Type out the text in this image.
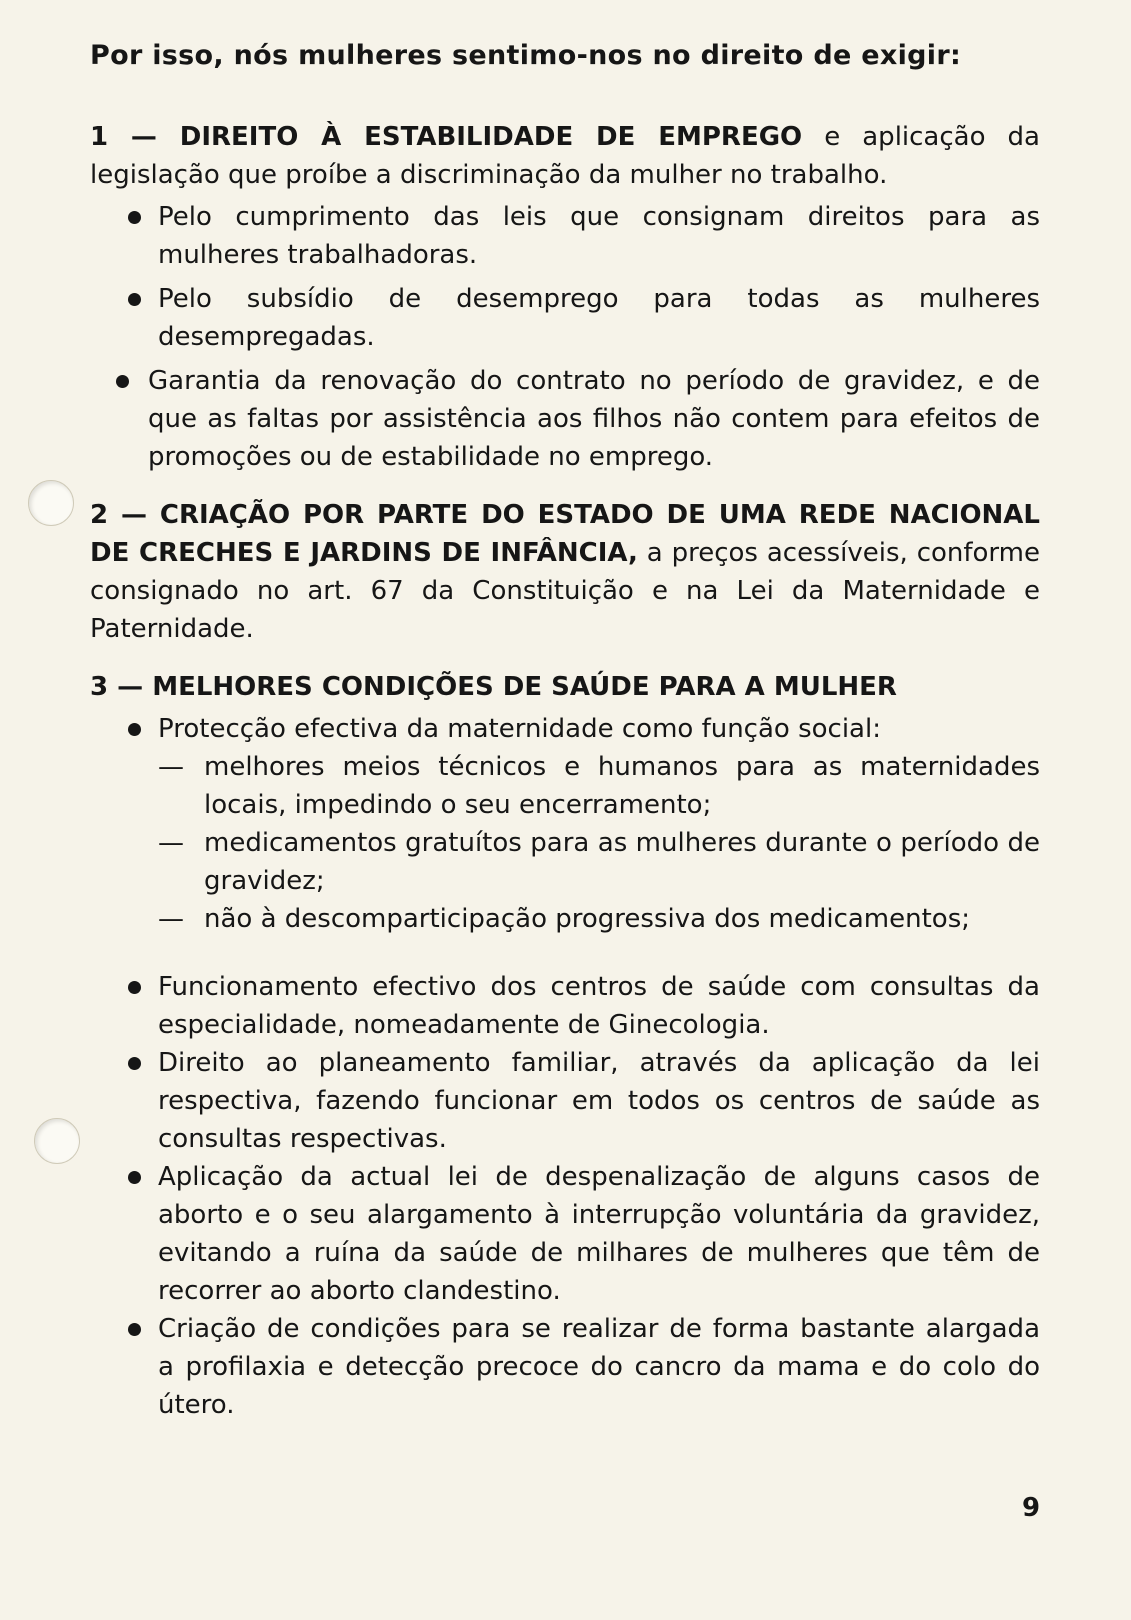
Por isso, nós mulheres sentimo-nos no direito de exigir:

1 — DIREITO À ESTABILIDADE DE EMPREGO e aplicação da legislação que proíbe a discriminação da mulher no trabalho.

Pelo cumprimento das leis que consignam direitos para as mulheres trabalhadoras.
Pelo subsídio de desemprego para todas as mulheres desempregadas.
Garantia da renovação do contrato no período de gravidez, e de que as faltas por assistência aos filhos não contem para efeitos de promoções ou de estabilidade no emprego.

2 — CRIAÇÃO POR PARTE DO ESTADO DE UMA REDE NACIONAL DE CRECHES E JARDINS DE INFÂNCIA, a preços acessíveis, conforme consignado no art. 67 da Constituição e na Lei da Maternidade e Paternidade.

3 — MELHORES CONDIÇÕES DE SAÚDE PARA A MULHER

Protecção efectiva da maternidade como função social:
— melhores meios técnicos e humanos para as maternidades locais, impedindo o seu encerramento;
— medicamentos gratuítos para as mulheres durante o período de gravidez;
— não à descomparticipação progressiva dos medicamentos;
Funcionamento efectivo dos centros de saúde com consultas da especialidade, nomeadamente de Ginecologia.
Direito ao planeamento familiar, através da aplicação da lei respectiva, fazendo funcionar em todos os centros de saúde as consultas respectivas.
Aplicação da actual lei de despenalização de alguns casos de aborto e o seu alargamento à interrupção voluntária da gravidez, evitando a ruína da saúde de milhares de mulheres que têm de recorrer ao aborto clandestino.
Criação de condições para se realizar de forma bastante alargada a profilaxia e detecção precoce do cancro da mama e do colo do útero.
9
